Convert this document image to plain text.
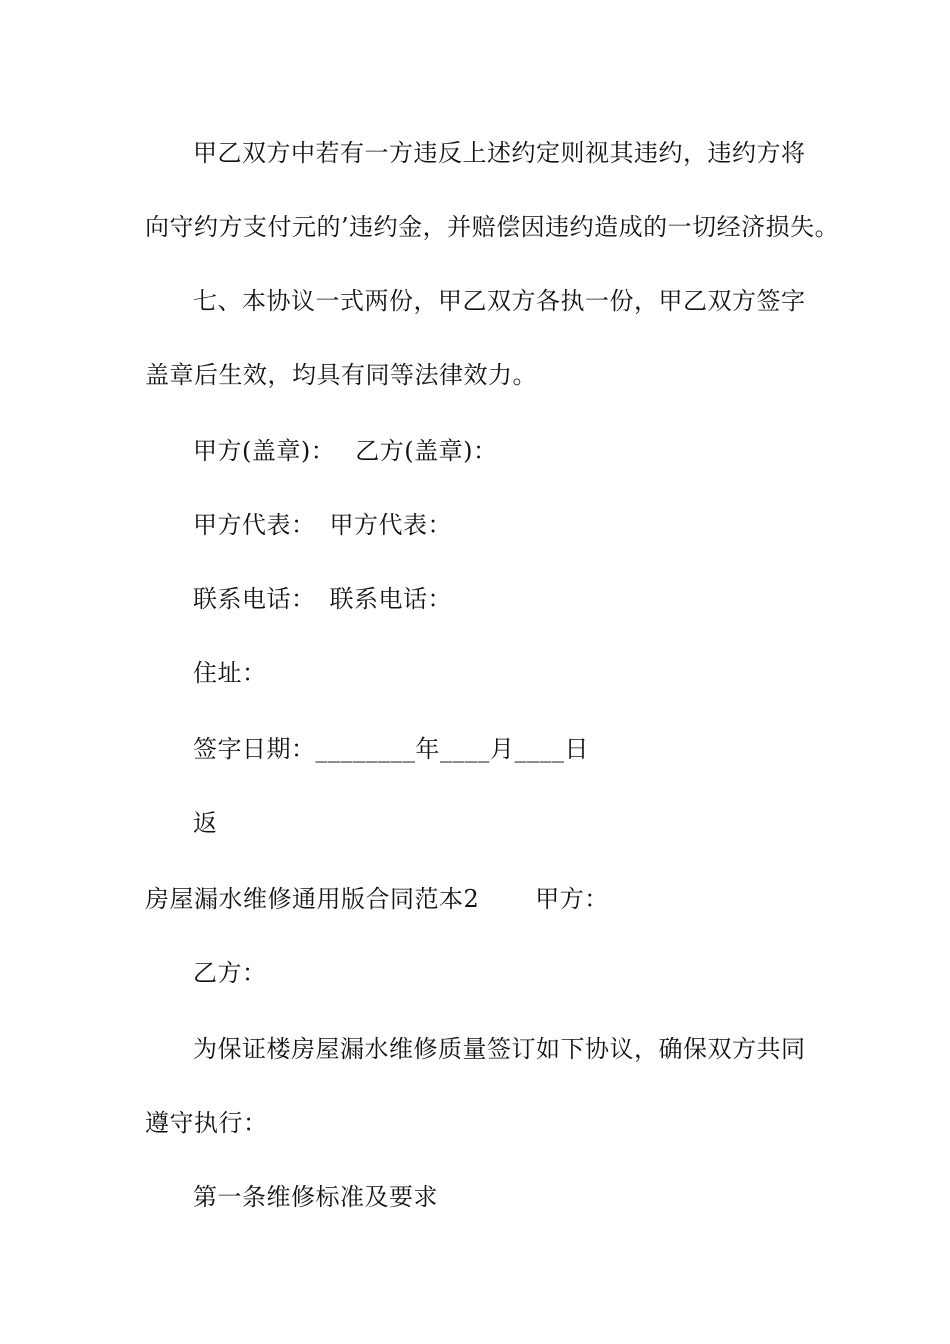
甲乙双方中若有一方违反上述约定则视其违约，违约方将
向守约方支付元的’违约金，并赔偿因违约造成的一切经济损失。
七、本协议一式两份，甲乙双方各执一份，甲乙双方签字
盖章后生效，均具有同等法律效力。
甲方(盖章)： 乙方(盖章)：
甲方代表： 甲方代表：
联系电话： 联系电话：
住址：
签字日期：________年____月____日
返
房屋漏水维修通用版合同范本2 甲方：
乙方：
为保证楼房屋漏水维修质量签订如下协议，确保双方共同
遵守执行：
第一条维修标准及要求
